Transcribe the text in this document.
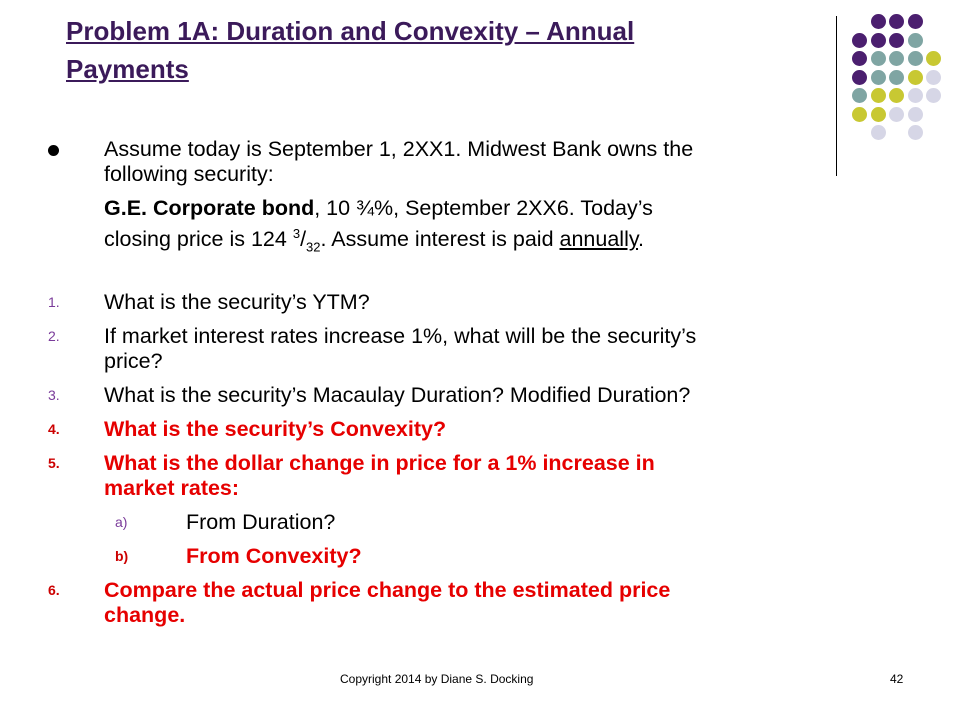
Problem 1A: Duration and Convexity – Annual
Payments
Assume today is September 1, 2XX1. Midwest Bank owns the
following security:
G.E. Corporate bond, 10 ¾%, September 2XX6. Today’s
closing price is 124 $^3/_{32}$. Assume interest is paid annually.
1. What is the security’s YTM?
2. If market interest rates increase 1%, what will be the security’s
price?
3. What is the security’s Macaulay Duration? Modified Duration?
4. What is the security’s Convexity?
5. What is the dollar change in price for a 1% increase in
market rates:
a)	From Duration?
b)	From Convexity?
6. Compare the actual price change to the estimated price
change.
Copyright 2014 by Diane S. Docking	42
